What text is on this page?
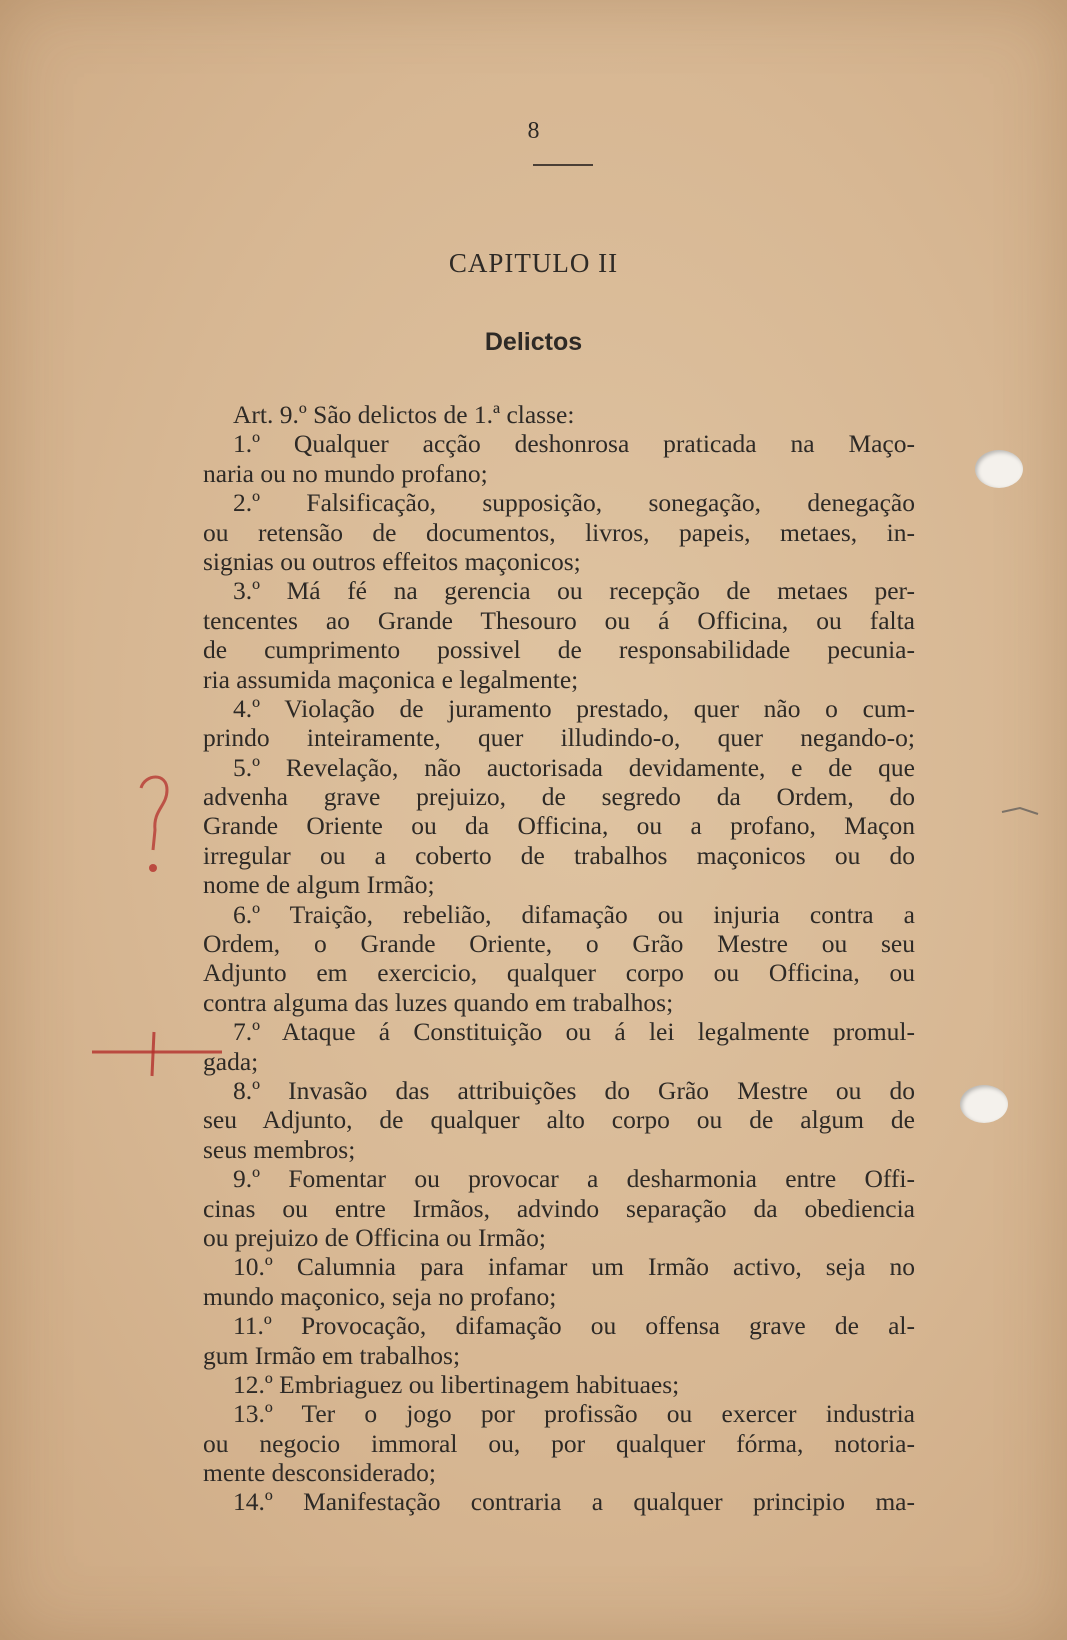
8
CAPITULO II
Delictos
Art. 9.º São delictos de 1.ª classe:
1.º Qualquer acção deshonrosa praticada na Maço-
naria ou no mundo profano;
2.º Falsificação, supposição, sonegação, denegação
ou retensão de documentos, livros, papeis, metaes, in-
signias ou outros effeitos maçonicos;
3.º Má fé na gerencia ou recepção de metaes per-
tencentes ao Grande Thesouro ou á Officina, ou falta
de cumprimento possivel de responsabilidade pecunia-
ria assumida maçonica e legalmente;
4.º Violação de juramento prestado, quer não o cum-
prindo inteiramente, quer illudindo-o, quer negando-o;
5.º Revelação, não auctorisada devidamente, e de que
advenha grave prejuizo, de segredo da Ordem, do
Grande Oriente ou da Officina, ou a profano, Maçon
irregular ou a coberto de trabalhos maçonicos ou do
nome de algum Irmão;
6.º Traição, rebelião, difamação ou injuria contra a
Ordem, o Grande Oriente, o Grão Mestre ou seu
Adjunto em exercicio, qualquer corpo ou Officina, ou
contra alguma das luzes quando em trabalhos;
7.º Ataque á Constituição ou á lei legalmente promul-
gada;
8.º Invasão das attribuições do Grão Mestre ou do
seu Adjunto, de qualquer alto corpo ou de algum de
seus membros;
9.º Fomentar ou provocar a desharmonia entre Offi-
cinas ou entre Irmãos, advindo separação da obediencia
ou prejuizo de Officina ou Irmão;
10.º Calumnia para infamar um Irmão activo, seja no
mundo maçonico, seja no profano;
11.º Provocação, difamação ou offensa grave de al-
gum Irmão em trabalhos;
12.º Embriaguez ou libertinagem habituaes;
13.º Ter o jogo por profissão ou exercer industria
ou negocio immoral ou, por qualquer fórma, notoria-
mente desconsiderado;
14.º Manifestação contraria a qualquer principio ma-
